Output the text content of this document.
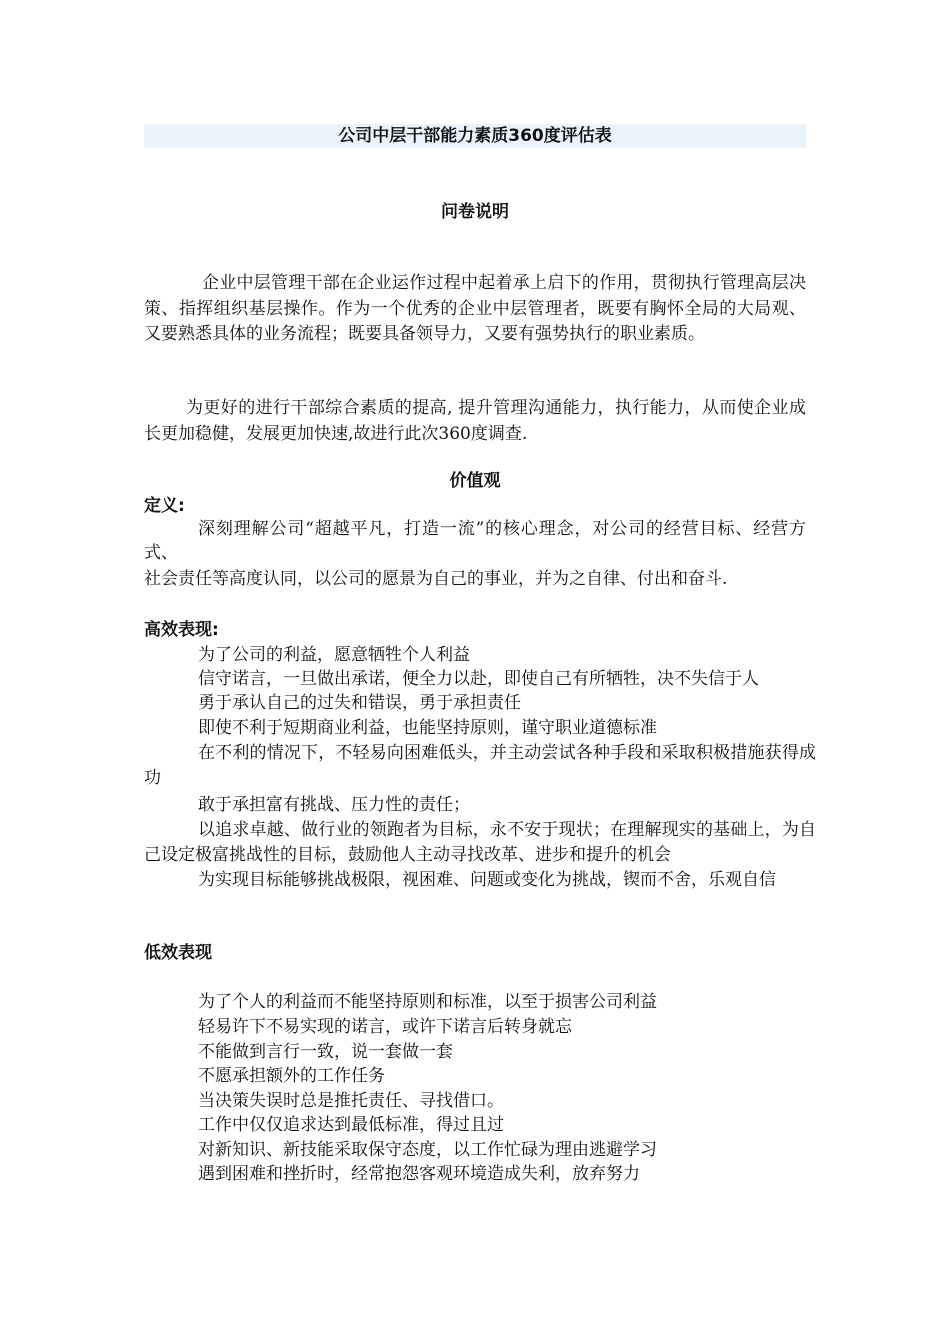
公司中层干部能力素质360度评估表
问卷说明

企业中层管理干部在企业运作过程中起着承上启下的作用，贯彻执行管理高层决策、指挥组织基层操作。作为一个优秀的企业中层管理者，既要有胸怀全局的大局观、又要熟悉具体的业务流程；既要具备领导力，又要有强势执行的职业素质。

为更好的进行干部综合素质的提高, 提升管理沟通能力，执行能力，从而使企业成长更加稳健，发展更加快速,故进行此次360度调查.

价值观
定义:

深刻理解公司“超越平凡，打造一流”的核心理念，对公司的经营目标、经营方式、

社会责任等高度认同，以公司的愿景为自己的事业，并为之自律、付出和奋斗.
高效表现:
为了公司的利益，愿意牺牲个人利益
信守诺言，一旦做出承诺，便全力以赴，即使自己有所牺牲，决不失信于人
勇于承认自己的过失和错误，勇于承担责任
即使不利于短期商业利益，也能坚持原则，谨守职业道德标准
在不利的情况下，不轻易向困难低头，并主动尝试各种手段和采取积极措施获得成功
敢于承担富有挑战、压力性的责任；
以追求卓越、做行业的领跑者为目标，永不安于现状；在理解现实的基础上，为自己设定极富挑战性的目标，鼓励他人主动寻找改革、进步和提升的机会
为实现目标能够挑战极限，视困难、问题或变化为挑战，锲而不舍，乐观自信
低效表现
为了个人的利益而不能坚持原则和标准，以至于损害公司利益
轻易许下不易实现的诺言，或许下诺言后转身就忘
不能做到言行一致，说一套做一套
不愿承担额外的工作任务
当决策失误时总是推托责任、寻找借口。
工作中仅仅追求达到最低标准，得过且过
对新知识、新技能采取保守态度，以工作忙碌为理由逃避学习
遇到困难和挫折时，经常抱怨客观环境造成失利，放弃努力
